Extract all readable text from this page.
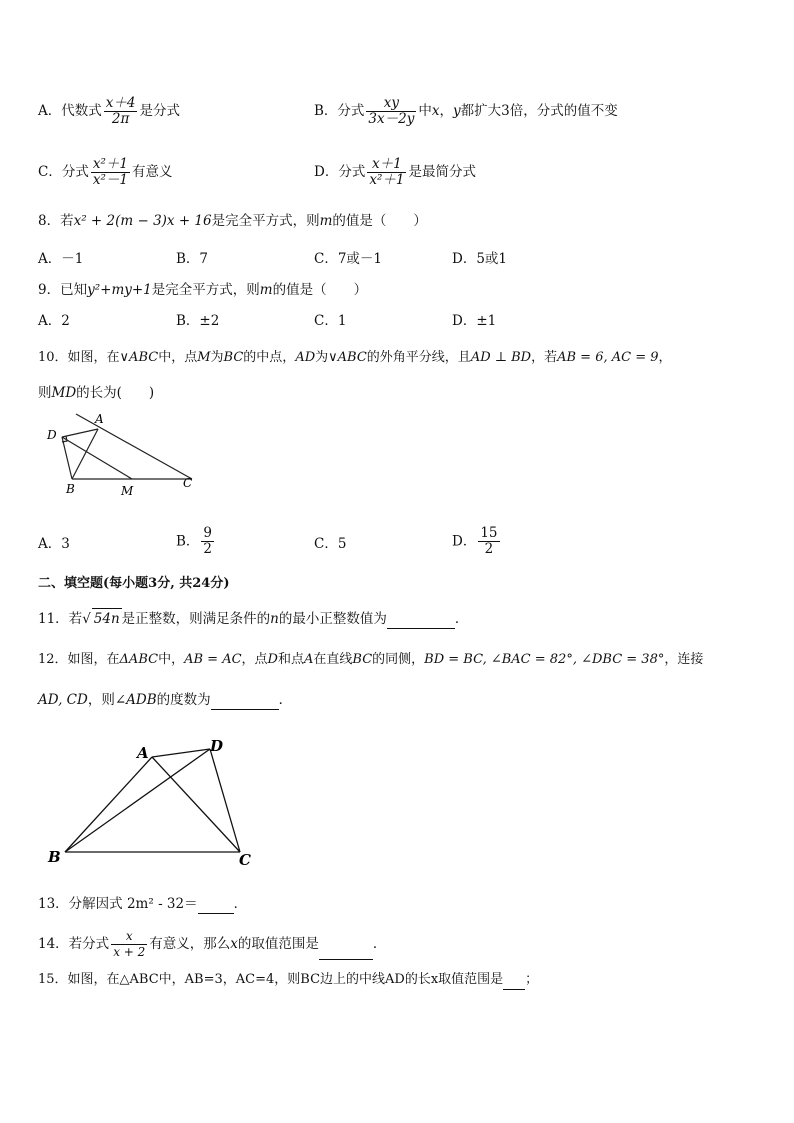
A．代数式 $\frac{x+4}{2\pi}$ 是分式	B．分式 $\frac{xy}{3x-2y}$ 中x，y都扩大3倍，分式的值不变
C．分式 $\frac{\text{x²＋1}}{\text{x²－1}}$ 有意义	D．分式 $\frac{x+1}{\text{x²＋1}}$ 是最简分式
8．若x² + 2(m − 3)x + 16是完全平方式，则m的值是（　　）
A．－1	B．7	C．7或－1	D．5或1
9．已知y²+my+1是完全平方式，则m的值是（　　）
A．2	B．±2	C．1	D．±1
10．如图，在∨ABC中，点M为BC的中点，AD为∨ABC的外角平分线，且AD ⊥ BD，若AB = 6, AC = 9，
则MD的长为(　　)
D
A
B	M
C
A．3	B． $\frac{9}{2}$	C．5	D． $\frac{15}{2}$
二、填空题(每小题3分, 共24分)
11．若√ 54n 是正整数，则满足条件的n的最小正整数值为	．
12．如图，在ΔABC中，AB = AC，点D和点A在直线BC的同侧，BD = BC, ∠BAC = 82°, ∠DBC = 38°，连接
AD, CD，则∠ADB的度数为	．
A	D
B	C
13．分解因式 2m² - 32＝	．
14．若分式 $\frac{x}{x + 2}$ 有意义，那么x的取值范围是	．
15．如图，在△ABC中，AB=3，AC=4，则BC边上的中线AD的长x取值范围是 ；
